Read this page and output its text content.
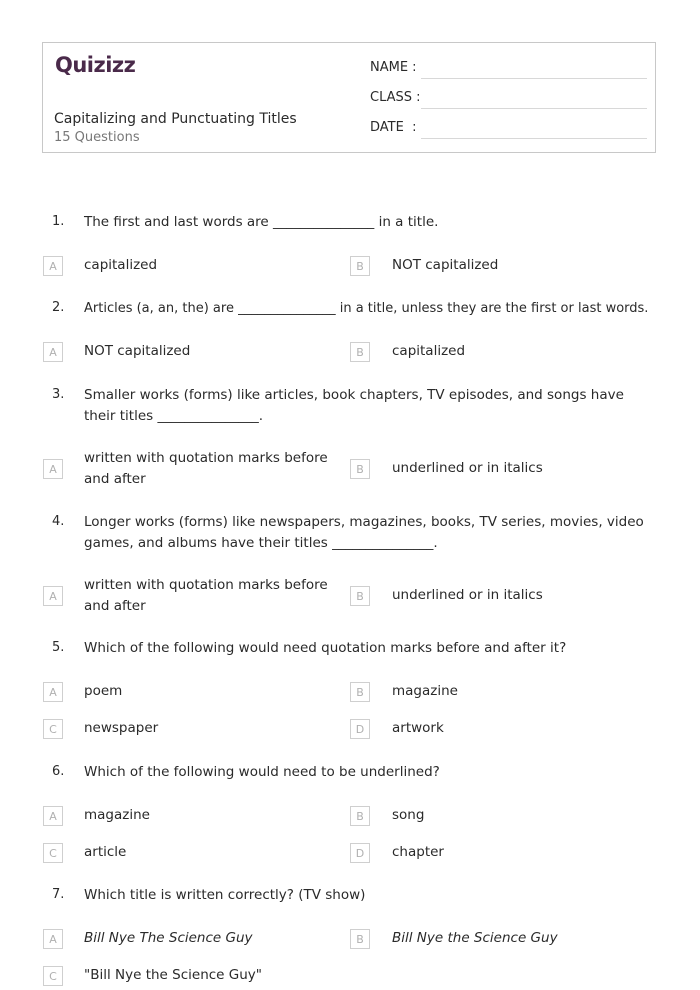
Quizizz
Capitalizing and Punctuating Titles
15 Questions
NAME :
CLASS :
DATE  :
1. The first and last words are _______________ in a title.
A	capitalized	B	NOT capitalized
2. Articles (a, an, the) are _______________ in a title, unless they are the first or last words.
A	NOT capitalized	B	capitalized
3. Smaller works (forms) like articles, book chapters, TV episodes, and songs have their titles _______________.
A
written with quotation marks before and after
B	underlined or in italics
4. Longer works (forms) like newspapers, magazines, books, TV series, movies, video games, and albums have their titles _______________.
A
written with quotation marks before and after
B	underlined or in italics
5. Which of the following would need quotation marks before and after it?
A	poem	B	magazine
C	newspaper	D	artwork
6. Which of the following would need to be underlined?
A	magazine	B	song
C	article	D	chapter
7. Which title is written correctly? (TV show)
A	Bill Nye The Science Guy	B	Bill Nye the Science Guy
C	"Bill Nye the Science Guy"
